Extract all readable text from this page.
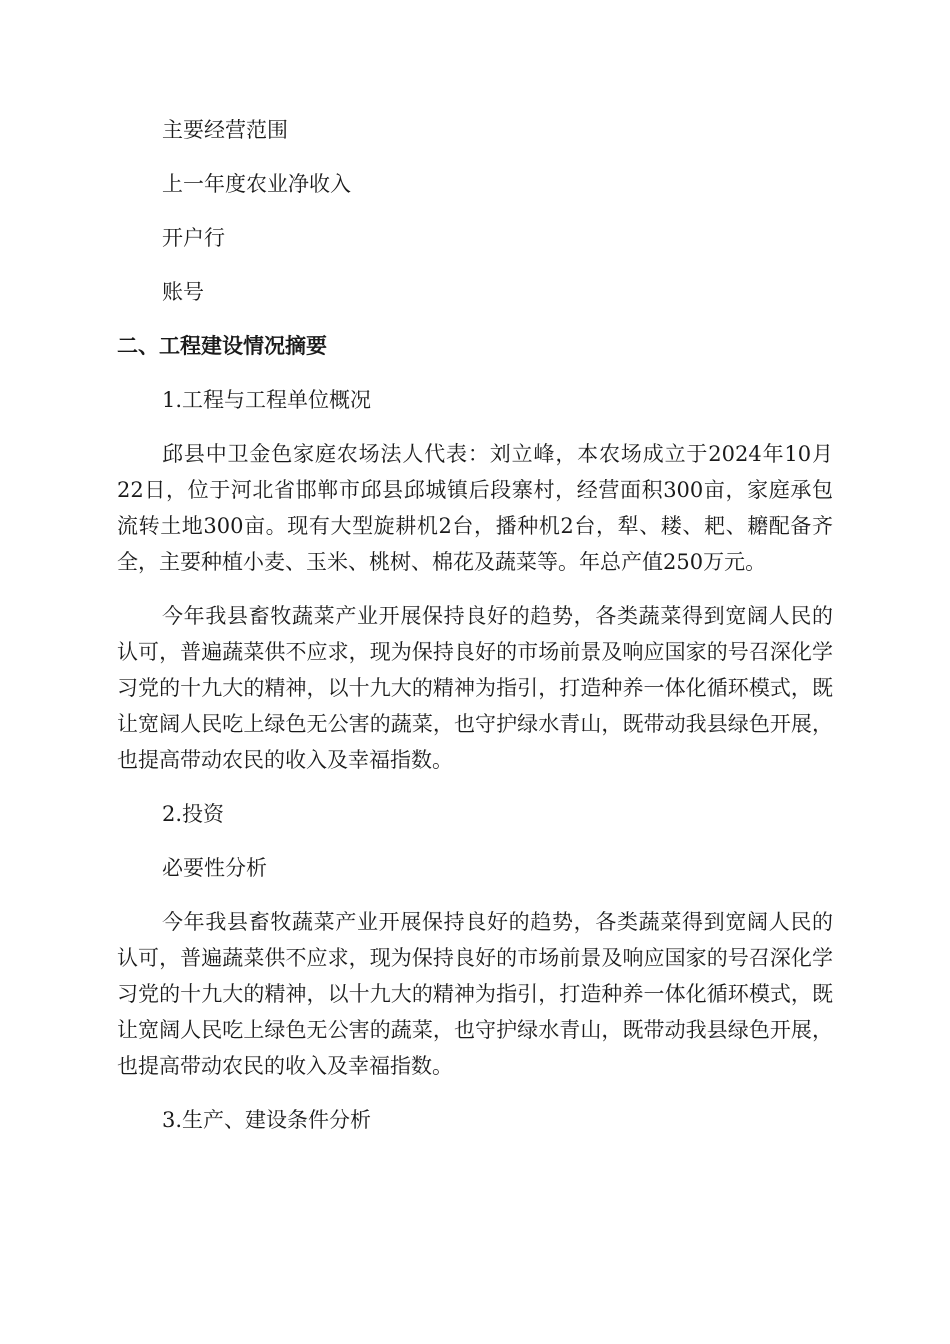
主要经营范围

上一年度农业净收入

开户行

账号

二、工程建设情况摘要

1.工程与工程单位概况

邱县中卫金色家庭农场法人代表：刘立峰，本农场成立于2024年10月22日，位于河北省邯郸市邱县邱城镇后段寨村，经营面积300亩，家庭承包流转土地300亩。现有大型旋耕机2台，播种机2台，犁、耧、耙、耱配备齐全，主要种植小麦、玉米、桃树、棉花及蔬菜等。年总产值250万元。

今年我县畜牧蔬菜产业开展保持良好的趋势，各类蔬菜得到宽阔人民的认可，普遍蔬菜供不应求，现为保持良好的市场前景及响应国家的号召深化学习党的十九大的精神，以十九大的精神为指引，打造种养一体化循环模式，既让宽阔人民吃上绿色无公害的蔬菜，也守护绿水青山，既带动我县绿色开展，也提高带动农民的收入及幸福指数。

2.投资

必要性分析

今年我县畜牧蔬菜产业开展保持良好的趋势，各类蔬菜得到宽阔人民的认可，普遍蔬菜供不应求，现为保持良好的市场前景及响应国家的号召深化学习党的十九大的精神，以十九大的精神为指引，打造种养一体化循环模式，既让宽阔人民吃上绿色无公害的蔬菜，也守护绿水青山，既带动我县绿色开展，也提高带动农民的收入及幸福指数。

3.生产、建设条件分析
